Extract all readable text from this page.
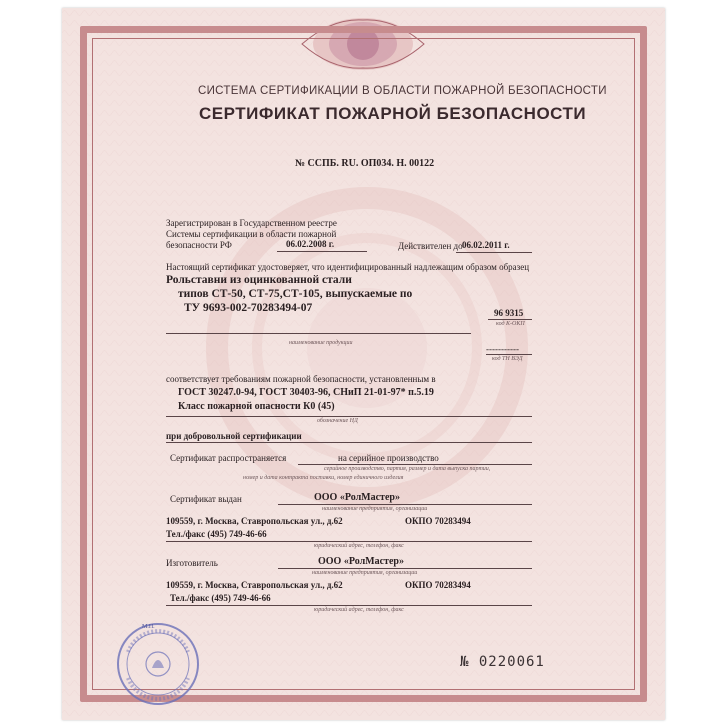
СИСТЕМА СЕРТИФИКАЦИИ В ОБЛАСТИ ПОЖАРНОЙ БЕЗОПАСНОСТИ
СЕРТИФИКАТ ПОЖАРНОЙ БЕЗОПАСНОСТИ
№ ССПБ. RU. ОП034. Н. 00122
Зарегистрирован в Государственном реестре
Системы сертификации в области пожарной
безопасности РФ	06.02.2008 г.	Действителен до 06.02.2011 г.
Настоящий сертификат удостоверяет, что идентифицированный надлежащим образом образец
Рольставни из оцинкованной стали
типов СТ-50, СТ-75,СТ-105, выпускаемые по
ТУ 9693-002-70283494-07	96 9315
код К-ОКП
наименование продукции
-----------
код ТН ВЭД
соответствует требованиям пожарной безопасности, установленным в
ГОСТ 30247.0-94, ГОСТ 30403-96, СНиП 21-01-97* п.5.19
Класс пожарной опасности К0 (45)
обозначение НД
при добровольной сертификации
Сертификат распространяется	на серийное производство
серийное производство, партия, размер и дата выпуска партии,
номер и дата контракта поставки, номер единичного изделия
Сертификат выдан	ООО «РолМастер»
наименование предприятия, организации
109559, г. Москва, Ставропольская ул., д.62	ОКПО 70283494
Тел./факс (495) 749-46-66
юридический адрес, телефон, факс
Изготовитель	ООО «РолМастер»
наименование предприятия, организации
109559, г. Москва, Ставропольская ул., д.62	ОКПО 70283494
Тел./факс (495) 749-46-66
юридический адрес, телефон, факс
М.П.
№ 0220061
